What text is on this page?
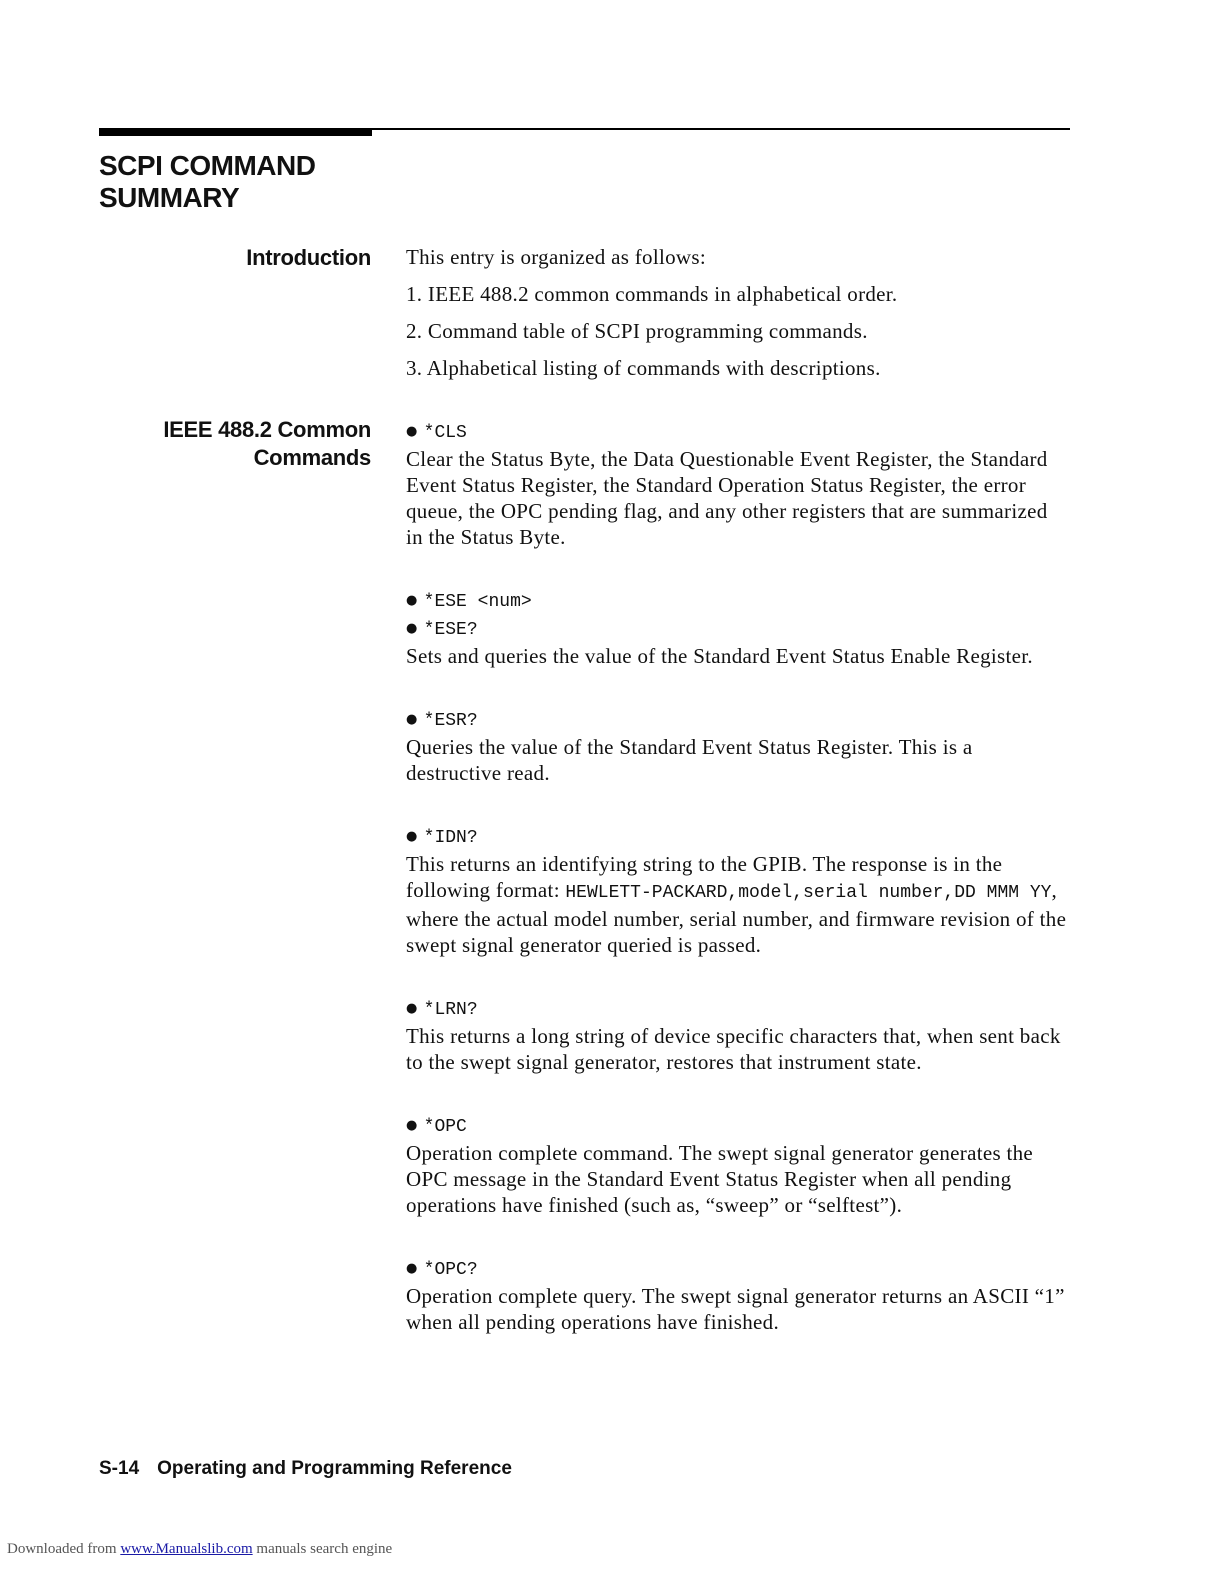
SCPI COMMAND
SUMMARY
Introduction This entry is organized as follows:

1. IEEE 488.2 common commands in alphabetical order.
2. Command table of SCPI programming commands.
3. Alphabetical listing of commands with descriptions.
IEEE 488.2 Common
Commands
● *CLS

Clear the Status Byte, the Data Questionable Event Register, the Standard Event Status Register, the Standard Operation Status Register, the error queue, the OPC pending flag, and any other registers that are summarized in the Status Byte.

● *ESE <num>
● *ESE?

Sets and queries the value of the Standard Event Status Enable Register.

● *ESR?

Queries the value of the Standard Event Status Register. This is a destructive read.

● *IDN?

This returns an identifying string to the GPIB. The response is in the following format: HEWLETT-PACKARD,model,serial number,DD MMM YY, where the actual model number, serial number, and firmware revision of the swept signal generator queried is passed.

● *LRN?

This returns a long string of device specific characters that, when sent back to the swept signal generator, restores that instrument state.

● *OPC

Operation complete command. The swept signal generator generates the OPC message in the Standard Event Status Register when all pending operations have finished (such as, “sweep” or “selftest”).

● *OPC?

Operation complete query. The swept signal generator returns an ASCII “1” when all pending operations have finished.

S-14 Operating and Programming Reference
Downloaded from www.Manualslib.com manuals search engine
